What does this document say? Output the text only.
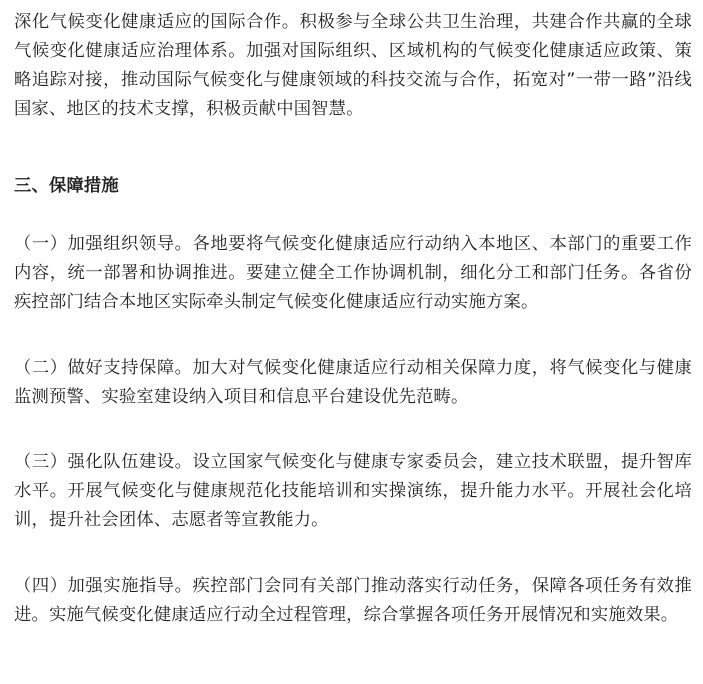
深化气候变化健康适应的国际合作。积极参与全球公共卫生治理，共建合作共赢的全球气候变化健康适应治理体系。加强对国际组织、区域机构的气候变化健康适应政策、策略追踪对接，推动国际气候变化与健康领域的科技交流与合作，拓宽对”一带一路”沿线国家、地区的技术支撑，积极贡献中国智慧。

三、保障措施

（一）加强组织领导。各地要将气候变化健康适应行动纳入本地区、本部门的重要工作内容，统一部署和协调推进。要建立健全工作协调机制，细化分工和部门任务。各省份疾控部门结合本地区实际牵头制定气候变化健康适应行动实施方案。

（二）做好支持保障。加大对气候变化健康适应行动相关保障力度，将气候变化与健康监测预警、实验室建设纳入项目和信息平台建设优先范畴。

（三）强化队伍建设。设立国家气候变化与健康专家委员会，建立技术联盟，提升智库水平。开展气候变化与健康规范化技能培训和实操演练，提升能力水平。开展社会化培训，提升社会团体、志愿者等宣教能力。

（四）加强实施指导。疾控部门会同有关部门推动落实行动任务，保障各项任务有效推进。实施气候变化健康适应行动全过程管理，综合掌握各项任务开展情况和实施效果。
